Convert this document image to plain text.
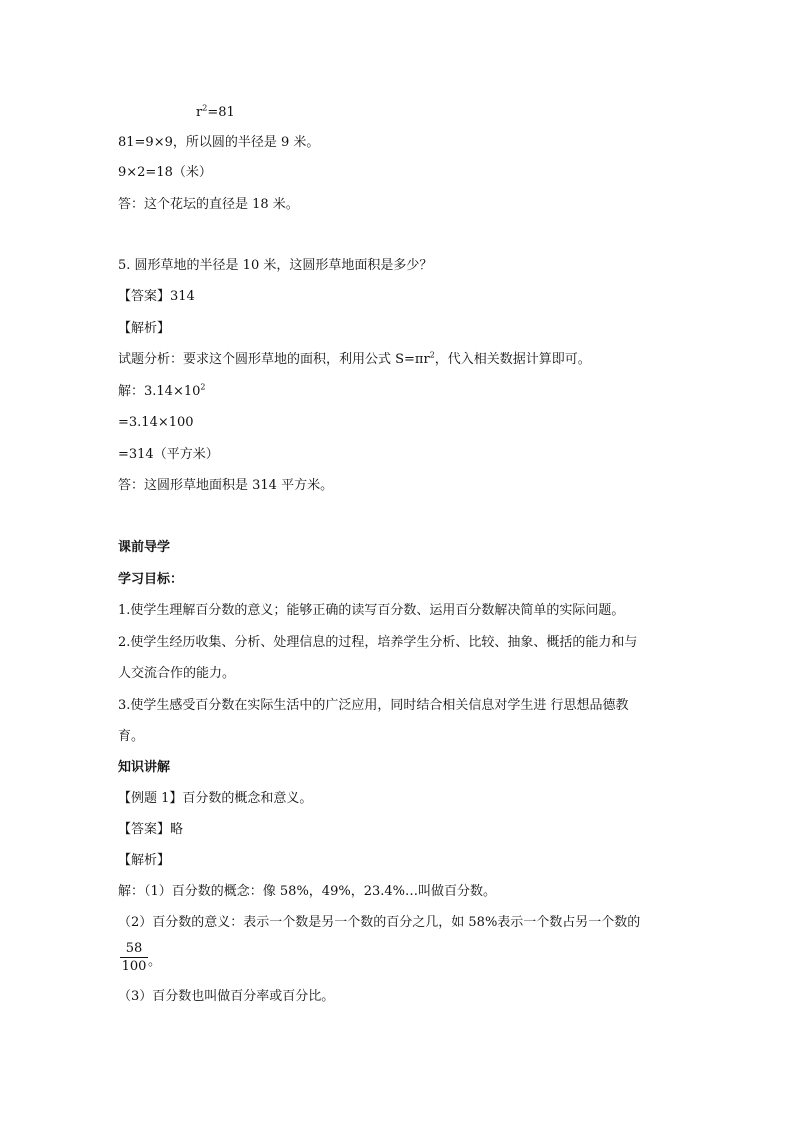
$r^2=81$
81=9×9，所以圆的半径是 9 米。
9×2=18（米）
答：这个花坛的直径是 18 米。
5. 圆形草地的半径是 10 米，这圆形草地面积是多少？
【答案】314
【解析】
试题分析：要求这个圆形草地的面积，利用公式 $S=\pi r^2$，代入相关数据计算即可。
解：$3.14\times 10^2$
=3.14×100
=314（平方米）
答：这圆形草地面积是 314 平方米。
课前导学
学习目标：
1.使学生理解百分数的意义；能够正确的读写百分数、运用百分数解决简单的实际问题。
2.使学生经历收集、分析、处理信息的过程，培养学生分析、比较、抽象、概括的能力和与
人交流合作的能力。
3.使学生感受百分数在实际生活中的广泛应用，同时结合相关信息对学生进 行思想品德教
育。
知识讲解
【例题 1】百分数的概念和意义。
【答案】略
【解析】
解：（1）百分数的概念：像 58%，49%，23.4%…叫做百分数。
（2）百分数的意义：表示一个数是另一个数的百分之几，如 58%表示一个数占另一个数的
58
100 。
（3）百分数也叫做百分率或百分比。
